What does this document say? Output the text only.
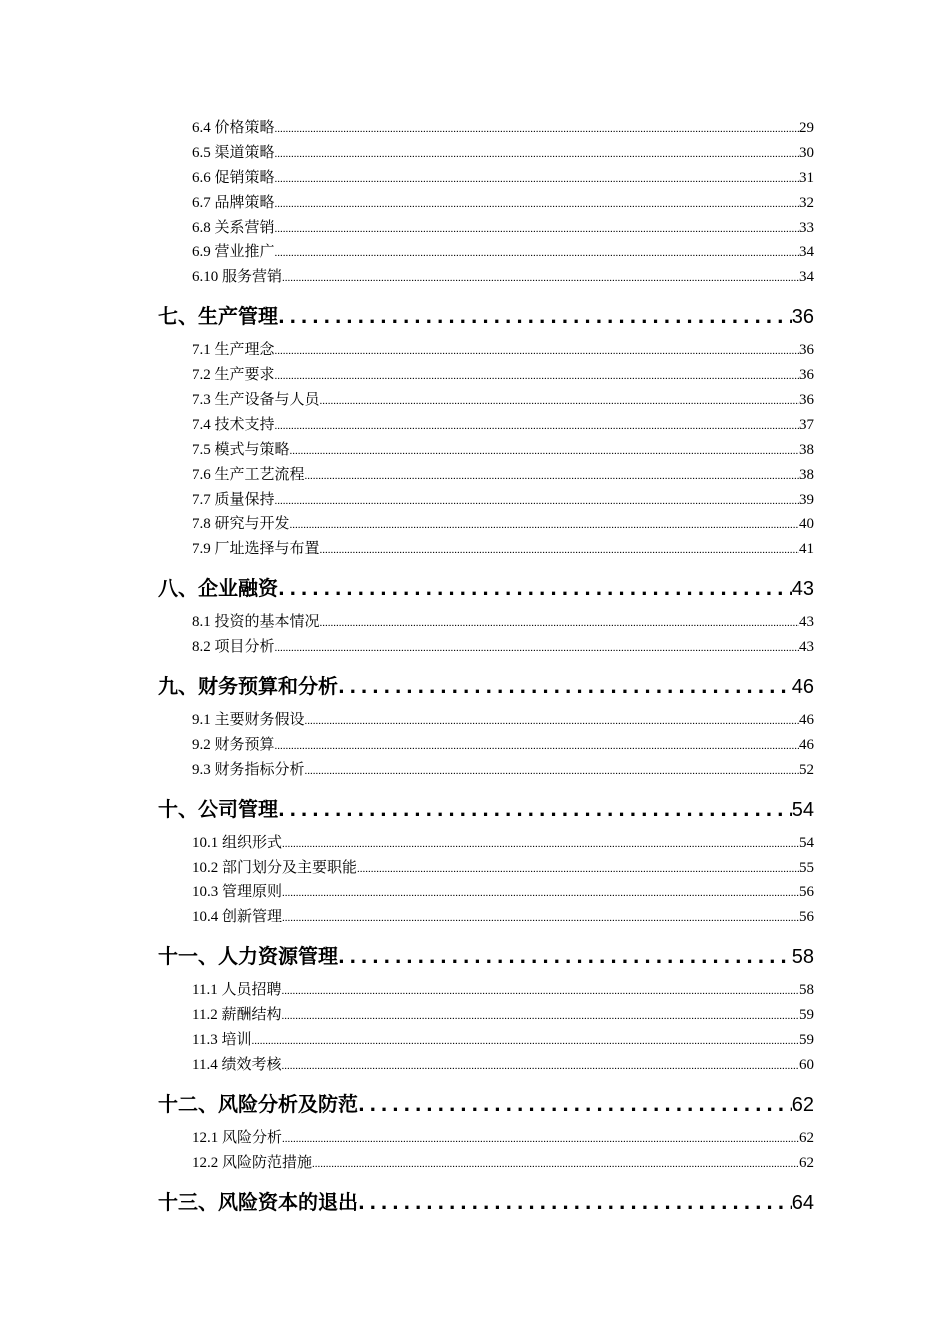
6.4 价格策略 .....	29
6.5 渠道策略 .....	30
6.6 促销策略 .....	31
6.7 品牌策略 .....	32
6.8 关系营销 .....	33
6.9 营业推广 .....	34
6.10 服务营销 .....	34
七、生产管理 .....	36
7.1 生产理念 .....	36
7.2 生产要求 .....	36
7.3 生产设备与人员 .....	36
7.4 技术支持 .....	37
7.5 模式与策略 .....	38
7.6 生产工艺流程 .....	38
7.7 质量保持 .....	39
7.8 研究与开发 .....	40
7.9 厂址选择与布置 .....	41
八、企业融资 .....	43
8.1 投资的基本情况 .....	43
8.2 项目分析 .....	43
九、财务预算和分析 .....	46
9.1 主要财务假设 .....	46
9.2 财务预算 .....	46
9.3 财务指标分析 .....	52
十、公司管理 .....	54
10.1 组织形式 .....	54
10.2 部门划分及主要职能 .....	55
10.3 管理原则 .....	56
10.4 创新管理 .....	56
十一、人力资源管理 .....	58
11.1 人员招聘 .....	58
11.2 薪酬结构 .....	59
11.3 培训 .....	59
11.4 绩效考核 .....	60
十二、风险分析及防范 .....	62
12.1 风险分析 .....	62
12.2 风险防范措施 .....	62
十三、风险资本的退出 .....	64
